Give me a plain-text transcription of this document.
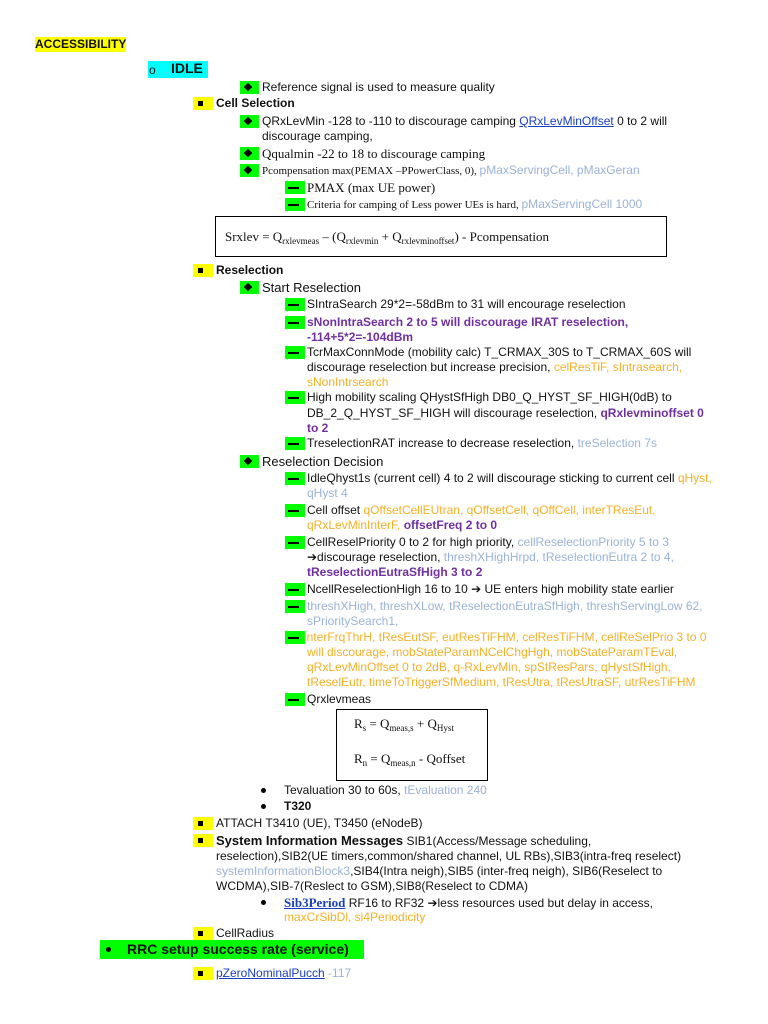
ACCESSIBILITY
o IDLE
Reference signal is used to measure quality
Cell Selection
QRxLevMin -128 to -110 to discourage camping QRxLevMinOffset 0 to 2 will
discourage camping,
Qqualmin -22 to 18 to discourage camping
Pcompensation max(PEMAX –PPowerClass, 0), pMaxServingCell, pMaxGeran
PMAX (max UE power)
Criteria for camping of Less power UEs is hard, pMaxServingCell 1000
Srxlev = $Q_{rxlevmeas} - (Q_{rxlevmin} + Q_{rxlevminoffset})$ - Pcompensation
Reselection
Start Reselection
SIntraSearch 29*2=-58dBm to 31 will encourage reselection
sNonIntraSearch 2 to 5 will discourage IRAT reselection,
-114+5*2=-104dBm
TcrMaxConnMode (mobility calc) T_CRMAX_30S to T_CRMAX_60S will
discourage reselection but increase precision, celResTiF, sIntrasearch,
sNonIntrsearch
High mobility scaling QHystSfHigh DB0_Q_HYST_SF_HIGH(0dB) to
DB_2_Q_HYST_SF_HIGH will discourage reselection, qRxlevminoffset 0
to 2
TreselectionRAT increase to decrease reselection, treSelection 7s
Reselection Decision
IdleQhyst1s (current cell) 4 to 2 will discourage sticking to current cell qHyst,
qHyst 4
Cell offset qOffsetCellEUtran, qOffsetCell, qOffCell, interTResEut,
qRxLevMinInterF, offsetFreq 2 to 0
CellReselPriority 0 to 2 for high priority, cellReselectionPriority 5 to 3
➔discourage reselection, threshXHighHrpd, tReselectionEutra 2 to 4,
tReselectionEutraSfHigh 3 to 2
NcellReselectionHigh 16 to 10 ➔ UE enters high mobility state earlier
threshXHigh, threshXLow, tReselectionEutraSfHigh, threshServingLow 62,
sPrioritySearch1,
interFrqThrH, tResEutSF, eutResTiFHM, celResTiFHM, cellReSelPrio 3 to 0
will discourage, mobStateParamNCelChgHgh, mobStateParamTEval,
qRxLevMinOffset 0 to 2dB, q-RxLevMin, spStResPars, qHystSfHigh,
tReselEutr, timeToTriggerSfMedium, tResUtra, tResUtraSF, utrResTiFHM
Qrxlevmeas
$R_s = Q_{meas,s} + Q_{Hyst}$
$R_n = Q_{meas,n}$ - Qoffset
Tevaluation 30 to 60s, tEvaluation 240
T320
ATTACH T3410 (UE), T3450 (eNodeB)
System Information Messages SIB1(Access/Message scheduling,
reselection),SIB2(UE timers,common/shared channel, UL RBs),SIB3(intra-freq reselect)
systemInformationBlock3,SIB4(Intra neigh),SIB5 (inter-freq neigh), SIB6(Reselect to
WCDMA),SIB-7(Reslect to GSM),SIB8(Reselect to CDMA)
Sib3Period RF16 to RF32 ➔less resources used but delay in access,
maxCrSibDl, si4Periodicity
CellRadius
RRC setup success rate (service)
pZeroNominalPucch -117
